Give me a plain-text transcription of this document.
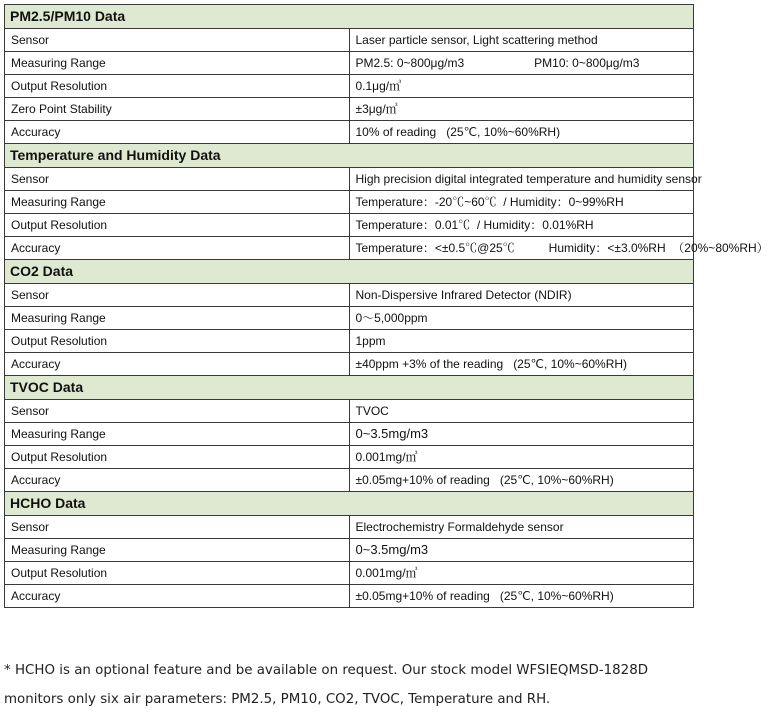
PM2.5/PM10 Data	
Sensor	Laser particle sensor, Light scattering method
Measuring Range	PM2.5: 0~800μg/m3 PM10: 0~800μg/m3
Output Resolution	0.1μg/㎥
Zero Point Stability	±3μg/㎥
Accuracy	10% of reading   (25℃, 10%~60%RH)
Temperature and Humidity Data	
Sensor	High precision digital integrated temperature and humidity sensor
Measuring Range	Temperature：-20℃~60℃  / Humidity：0~99%RH
Output Resolution	Temperature：0.01℃  / Humidity：0.01%RH
Accuracy	Temperature：<±0.5℃@25℃ Humidity：<±3.0%RH  （20%~80%RH）
CO2 Data	
Sensor	Non-Dispersive Infrared Detector (NDIR)
Measuring Range	0～5,000ppm
Output Resolution	1ppm
Accuracy	±40ppm +3% of the reading   (25℃, 10%~60%RH)
TVOC Data	
Sensor	TVOC
Measuring Range	0~3.5mg/m3
Output Resolution	0.001mg/㎥
Accuracy	±0.05mg+10% of reading   (25℃, 10%~60%RH)
HCHO Data	
Sensor	Electrochemistry Formaldehyde sensor
Measuring Range	0~3.5mg/m3
Output Resolution	0.001mg/㎥
Accuracy	±0.05mg+10% of reading   (25℃, 10%~60%RH)

* HCHO is an optional feature and be available on request. Our stock model WFSIEQMSD-1828D monitors only six air parameters: PM2.5, PM10, CO2, TVOC, Temperature and RH.
